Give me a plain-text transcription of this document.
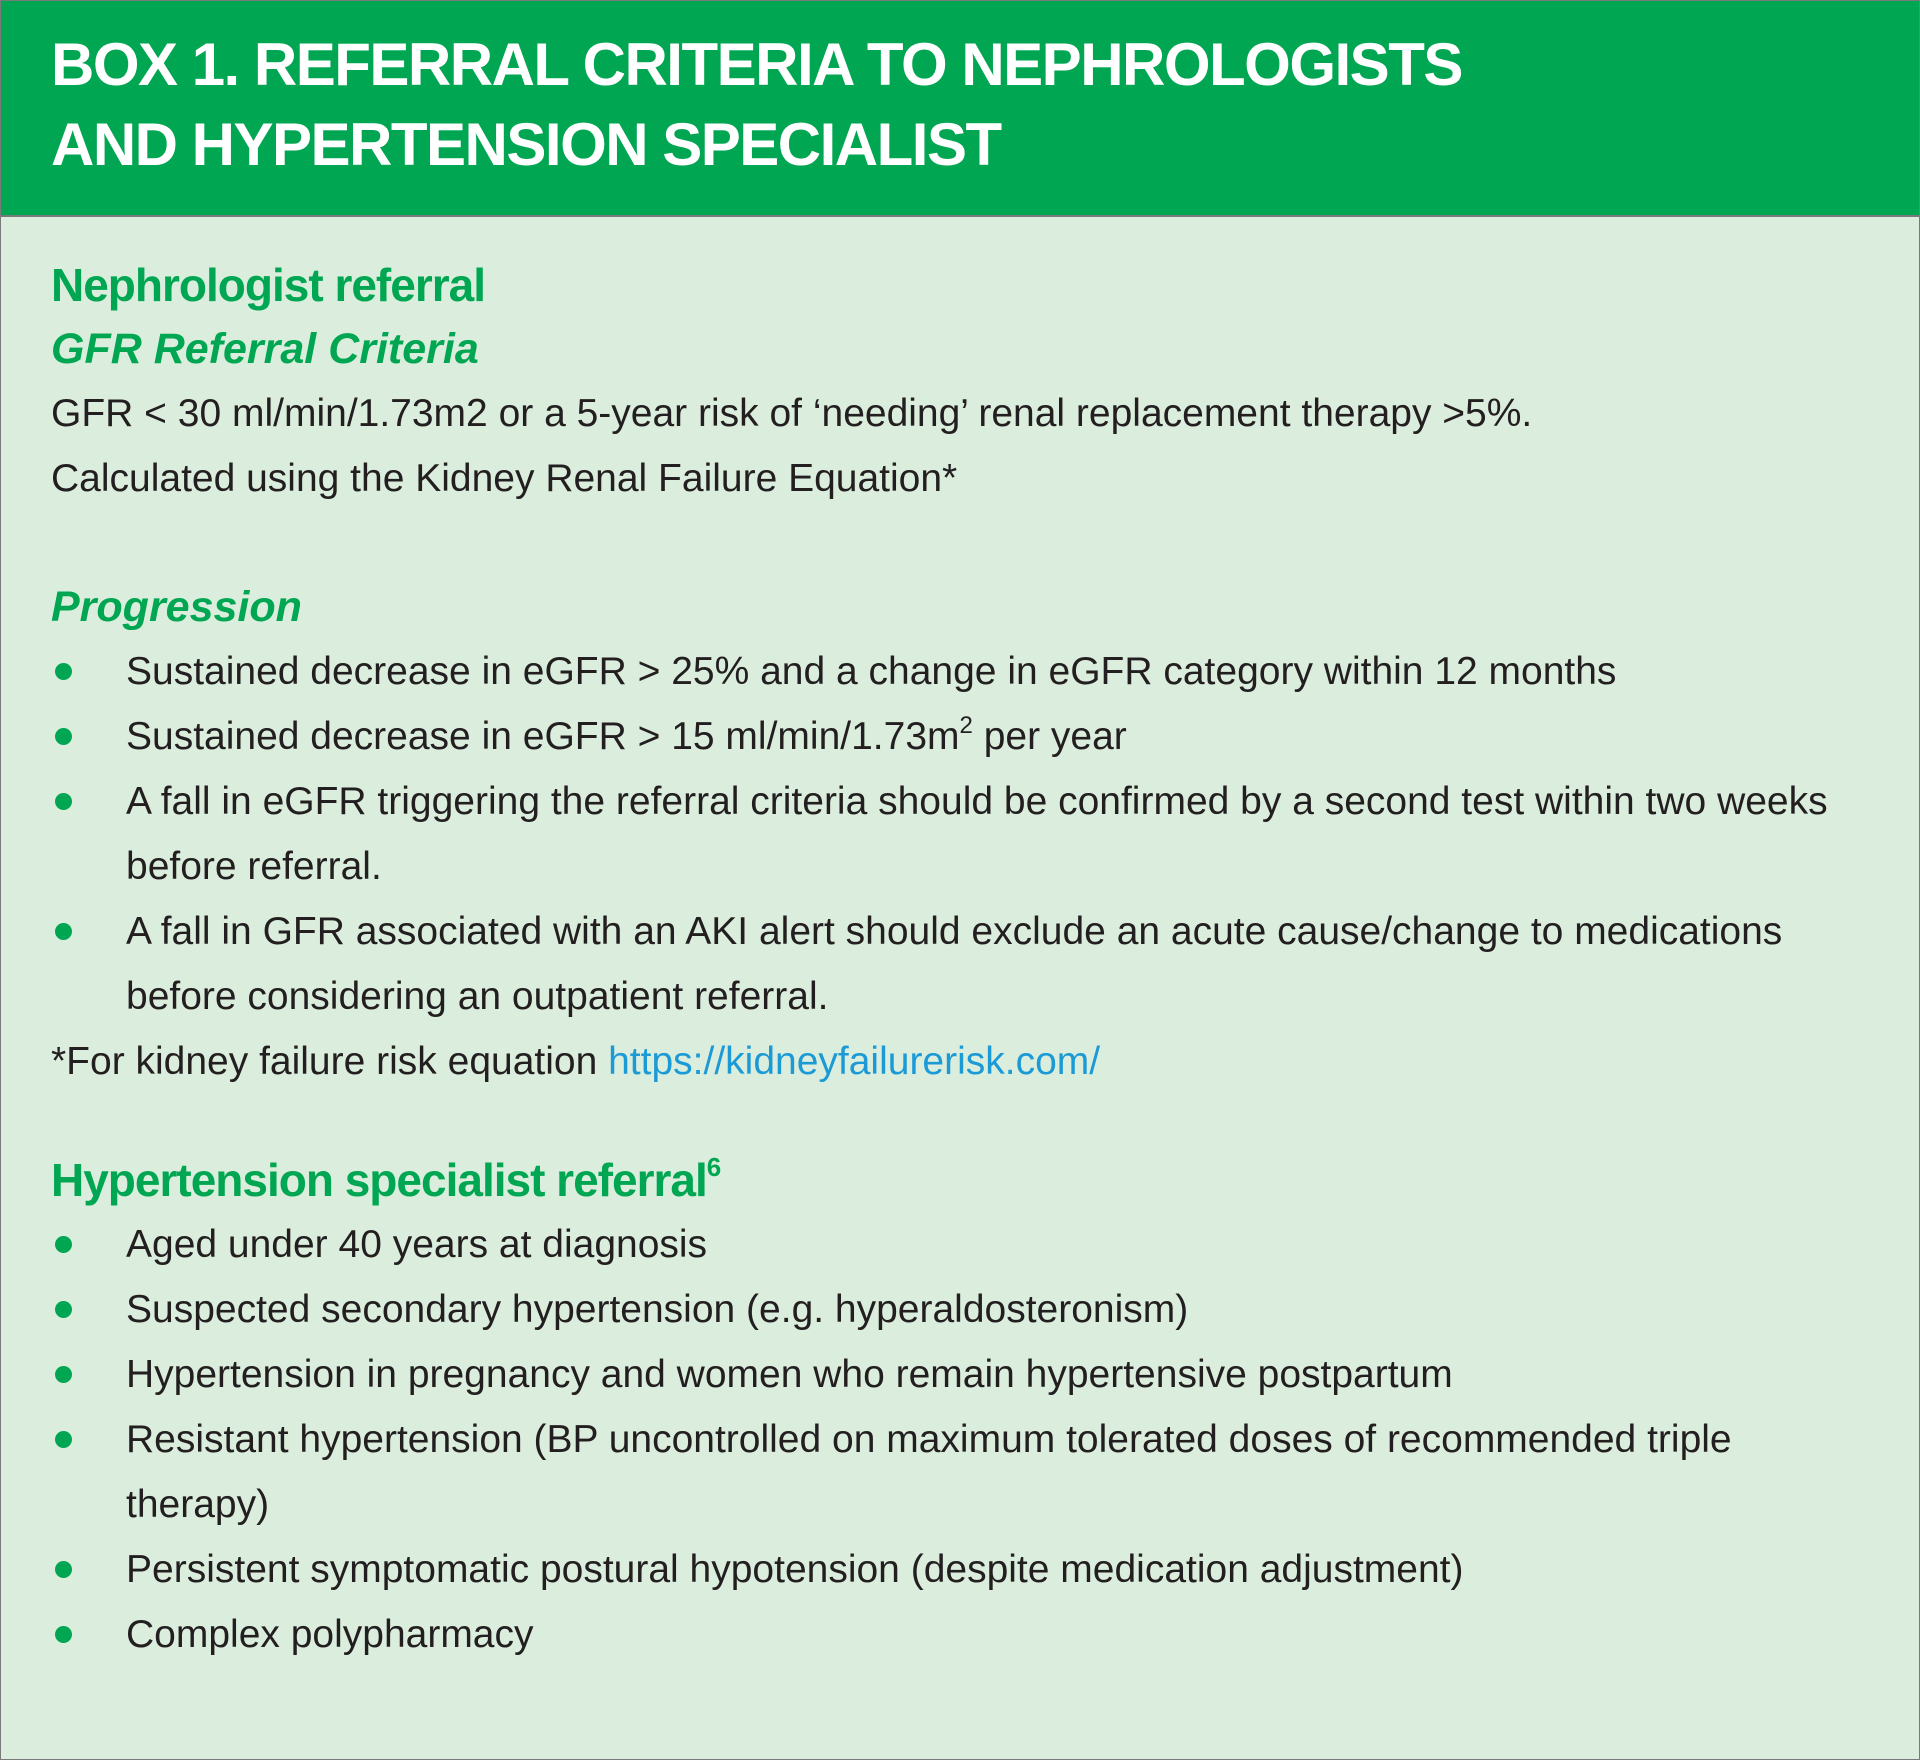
BOX 1. REFERRAL CRITERIA TO NEPHROLOGISTS
AND HYPERTENSION SPECIALIST
Nephrologist referral
GFR Referral Criteria

GFR < 30 ml/min/1.73m2 or a 5-year risk of ‘needing’ renal replacement therapy >5%.

Calculated using the Kidney Renal Failure Equation*

Progression
Sustained decrease in eGFR > 25% and a change in eGFR category within 12 months
Sustained decrease in eGFR > 15 $ml/\min/1.73m^2$ per year
A fall in eGFR triggering the referral criteria should be confirmed by a second test within two weeks before referral.
A fall in GFR associated with an AKI alert should exclude an acute cause/change to medications before considering an outpatient referral.

*For kidney failure risk equation https://kidneyfailurerisk.com/

Hypertension specialist referral$^6$
Aged under 40 years at diagnosis
Suspected secondary hypertension (e.g. hyperaldosteronism)
Hypertension in pregnancy and women who remain hypertensive postpartum
Resistant hypertension (BP uncontrolled on maximum tolerated doses of recommended triple therapy)
Persistent symptomatic postural hypotension (despite medication adjustment)
Complex polypharmacy
